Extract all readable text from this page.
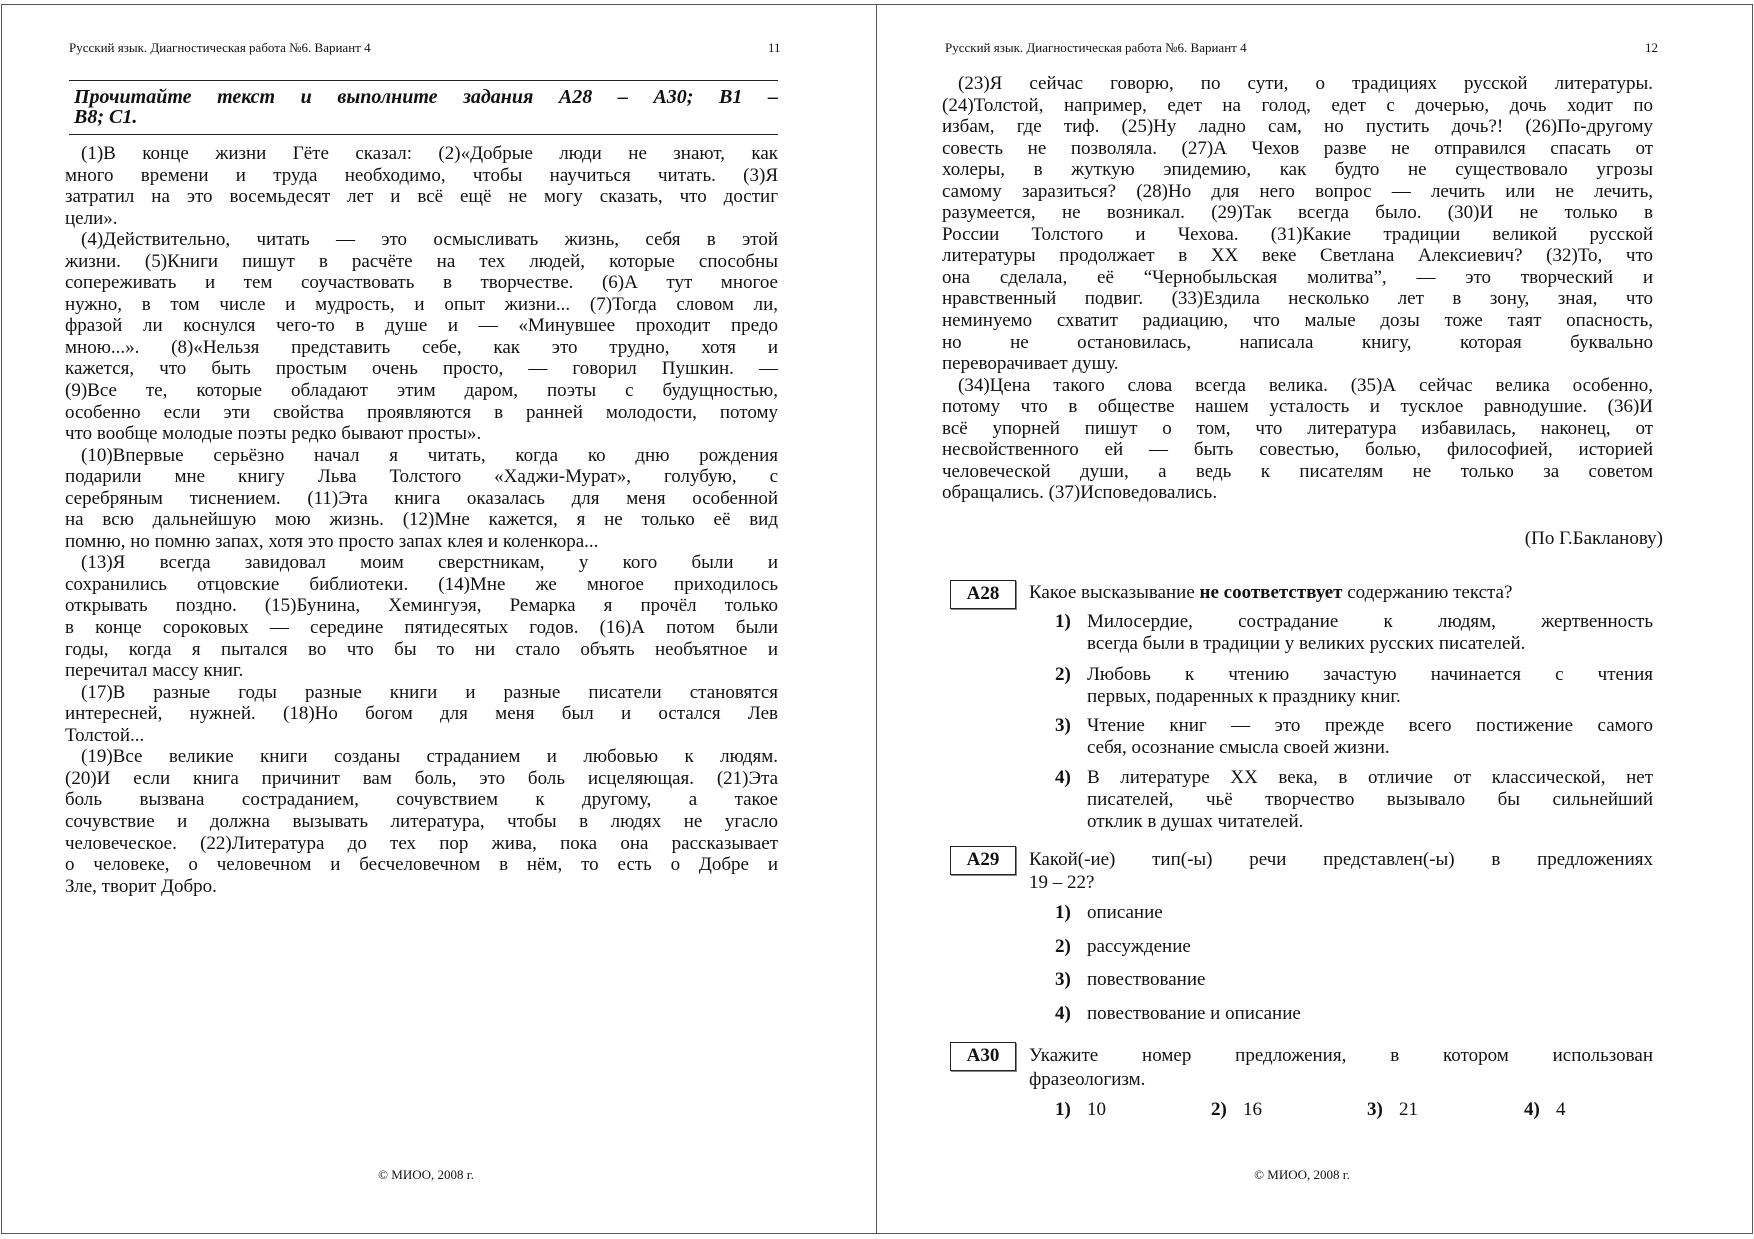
Русский язык. Диагностическая работа №6. Вариант 4	11
Прочитайте текст и выполните задания А28 – А30; В1 –
В8; С1.
(1)В конце жизни Гёте сказал: (2)«Добрые люди не знают, как
много времени и труда необходимо, чтобы научиться читать. (3)Я
затратил на это восемьдесят лет и всё ещё не могу сказать, что достиг
цели».
(4)Действительно, читать — это осмысливать жизнь, себя в этой
жизни. (5)Книги пишут в расчёте на тех людей, которые способны
сопереживать и тем соучаствовать в творчестве. (6)А тут многое
нужно, в том числе и мудрость, и опыт жизни... (7)Тогда словом ли,
фразой ли коснулся чего-то в душе и — «Минувшее проходит предо
мною...». (8)«Нельзя представить себе, как это трудно, хотя и
кажется, что быть простым очень просто, — говорил Пушкин. —
(9)Все те, которые обладают этим даром, поэты с будущностью,
особенно если эти свойства проявляются в ранней молодости, потому
что вообще молодые поэты редко бывают просты».
(10)Впервые серьёзно начал я читать, когда ко дню рождения
подарили мне книгу Льва Толстого «Хаджи-Мурат», голубую, с
серебряным тиснением. (11)Эта книга оказалась для меня особенной
на всю дальнейшую мою жизнь. (12)Мне кажется, я не только её вид
помню, но помню запах, хотя это просто запах клея и коленкора...
(13)Я всегда завидовал моим сверстникам, у кого были и
сохранились отцовские библиотеки. (14)Мне же многое приходилось
открывать поздно. (15)Бунина, Хемингуэя, Ремарка я прочёл только
в конце сороковых — середине пятидесятых годов. (16)А потом были
годы, когда я пытался во что бы то ни стало объять необъятное и
перечитал массу книг.
(17)В разные годы разные книги и разные писатели становятся
интересней, нужней. (18)Но богом для меня был и остался Лев
Толстой...
(19)Все великие книги созданы страданием и любовью к людям.
(20)И если книга причинит вам боль, это боль исцеляющая. (21)Эта
боль вызвана состраданием, сочувствием к другому, а такое
сочувствие и должна вызывать литература, чтобы в людях не угасло
человеческое. (22)Литература до тех пор жива, пока она рассказывает
о человеке, о человечном и бесчеловечном в нём, то есть о Добре и
Зле, творит Добро.
© МИОО, 2008 г.
Русский язык. Диагностическая работа №6. Вариант 4	12
(23)Я сейчас говорю, по сути, о традициях русской литературы.
(24)Толстой, например, едет на голод, едет с дочерью, дочь ходит по
избам, где тиф. (25)Ну ладно сам, но пустить дочь?! (26)По-другому
совесть не позволяла. (27)А Чехов разве не отправился спасать от
холеры, в жуткую эпидемию, как будто не существовало угрозы
самому заразиться? (28)Но для него вопрос — лечить или не лечить,
разумеется, не возникал. (29)Так всегда было. (30)И не только в
России Толстого и Чехова. (31)Какие традиции великой русской
литературы продолжает в XX веке Светлана Алексиевич? (32)То, что
она сделала, её “Чернобыльская молитва”, — это творческий и
нравственный подвиг. (33)Ездила несколько лет в зону, зная, что
неминуемо схватит радиацию, что малые дозы тоже таят опасность,
но не остановилась, написала книгу, которая буквально
переворачивает душу.
(34)Цена такого слова всегда велика. (35)А сейчас велика особенно,
потому что в обществе нашем усталость и тусклое равнодушие. (36)И
всё упорней пишут о том, что литература избавилась, наконец, от
несвойственного ей — быть совестью, болью, философией, историей
человеческой души, а ведь к писателям не только за советом
обращались. (37)Исповедовались.
(По Г.Бакланову)
А28	Какое высказывание не соответствует содержанию текста?
1) Милосердие, сострадание к людям, жертвенность
всегда были в традиции у великих русских писателей.
2) Любовь к чтению зачастую начинается с чтения
первых, подаренных к празднику книг.
3) Чтение книг — это прежде всего постижение самого
себя, осознание смысла своей жизни.
4) В литературе XX века, в отличие от классической, нет
писателей, чьё творчество вызывало бы сильнейший
отклик в душах читателей.
А29	Какой(-ие) тип(-ы) речи представлен(-ы) в предложениях
19 – 22?
1) описание
2) рассуждение
3) повествование
4) повествование и описание
А30	Укажите номер предложения, в котором использован
фразеологизм.
1) 10	2) 16	3) 21	4) 4
© МИОО, 2008 г.
